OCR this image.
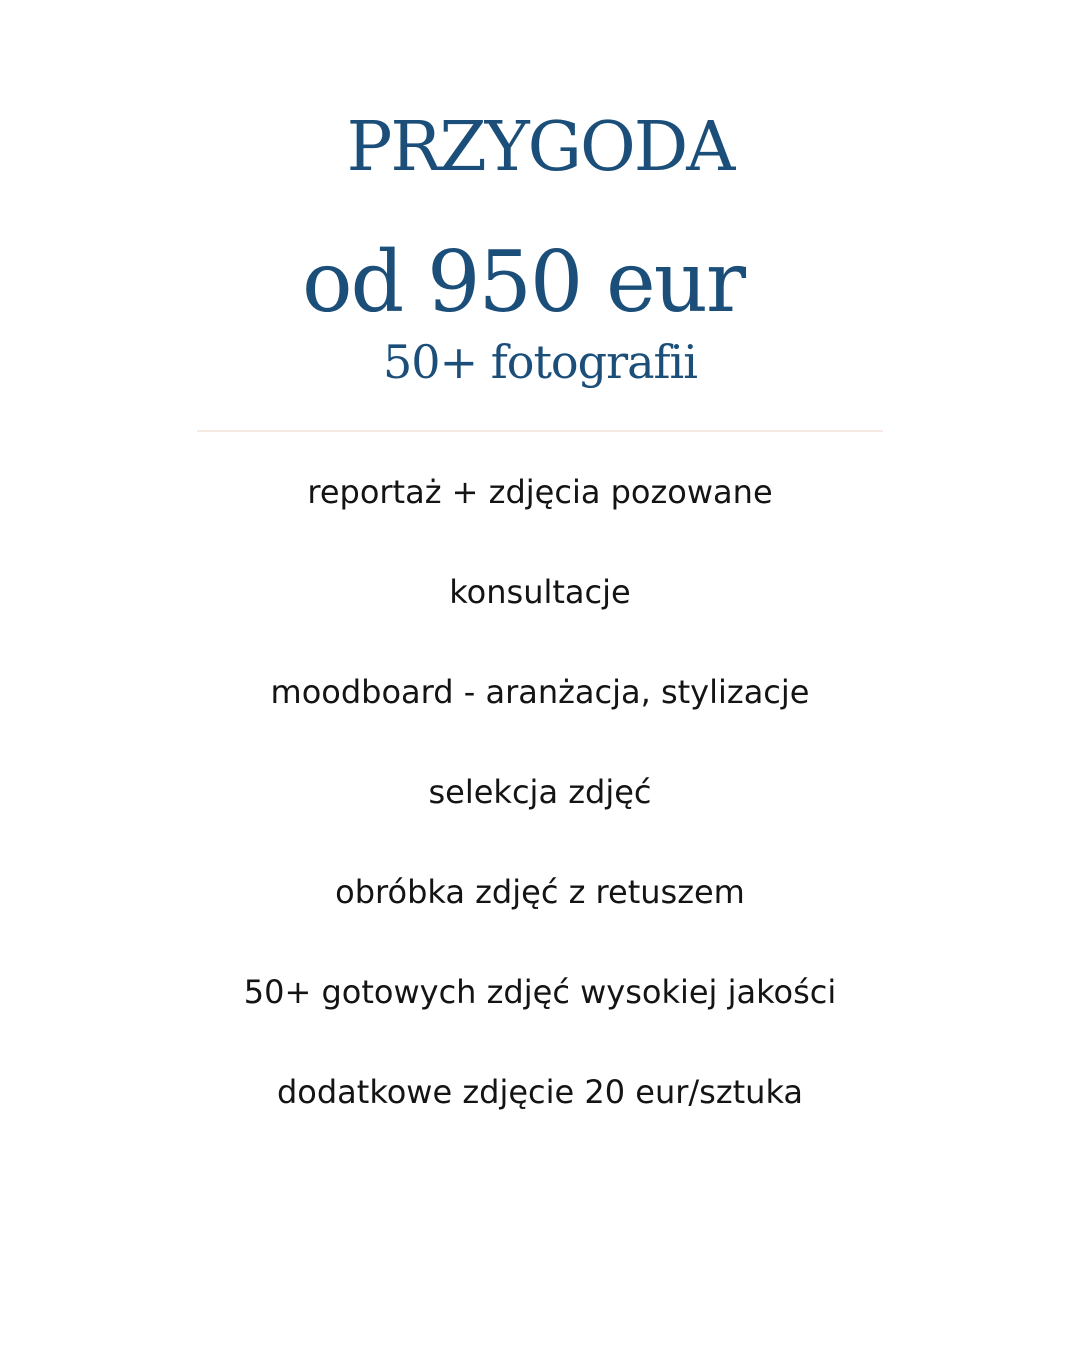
PRZYGODA
od 950 eur
50+ fotografii
reportaż + zdjęcia pozowane
konsultacje
moodboard - aranżacja, stylizacje
selekcja zdjęć
obróbka zdjęć z retuszem
50+ gotowych zdjęć wysokiej jakości
dodatkowe zdjęcie 20 eur/sztuka
